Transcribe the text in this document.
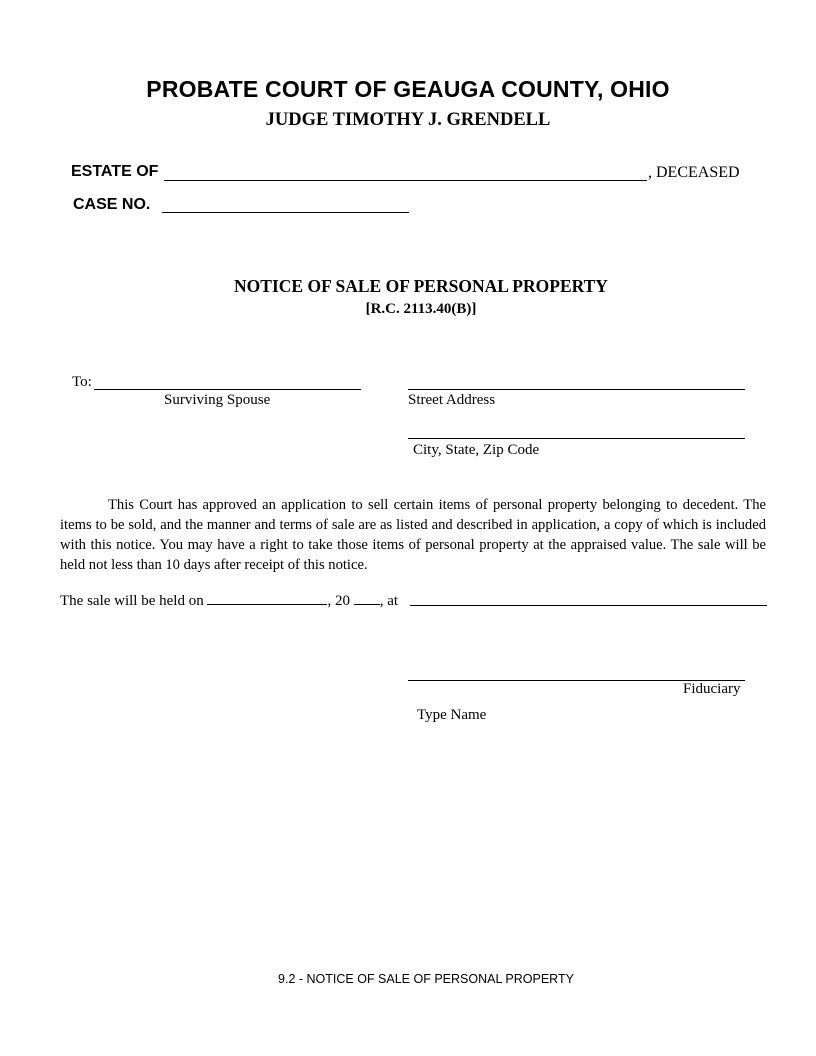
PROBATE COURT OF GEAUGA COUNTY, OHIO
JUDGE TIMOTHY J. GRENDELL
ESTATE OF	, DECEASED
CASE NO.
NOTICE OF SALE OF PERSONAL PROPERTY
[R.C. 2113.40(B)]
To:
Surviving Spouse	Street Address
City, State, Zip Code
This Court has approved an application to sell certain items of personal property belonging to decedent. The items to be sold, and the manner and terms of sale are as listed and described in application, a copy of which is included with this notice. You may have a right to take those items of personal property at the appraised value. The sale will be held not less than 10 days after receipt of this notice.
The sale will be held on	, 20 , at
Fiduciary
Type Name
9.2 - NOTICE OF SALE OF PERSONAL PROPERTY
